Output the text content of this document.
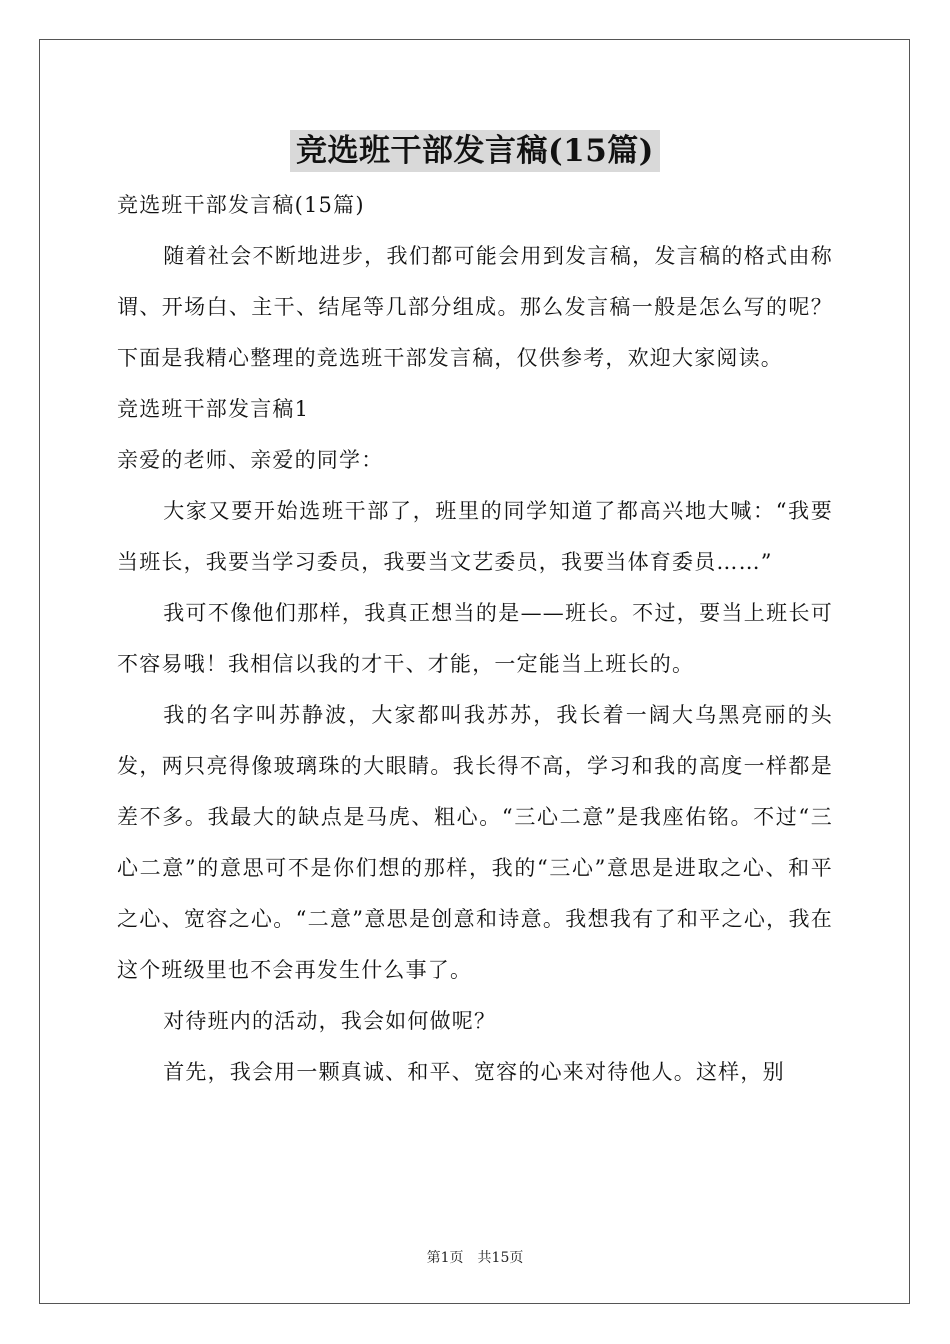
竞选班干部发言稿(15篇)

竞选班干部发言稿(15篇)

随着社会不断地进步，我们都可能会用到发言稿，发言稿的格式由称谓、开场白、主干、结尾等几部分组成。那么发言稿一般是怎么写的呢？下面是我精心整理的竞选班干部发言稿，仅供参考，欢迎大家阅读。

竞选班干部发言稿1

亲爱的老师、亲爱的同学：

大家又要开始选班干部了，班里的同学知道了都高兴地大喊：“我要当班长，我要当学习委员，我要当文艺委员，我要当体育委员……”

我可不像他们那样，我真正想当的是——班长。不过，要当上班长可不容易哦！我相信以我的才干、才能，一定能当上班长的。

我的名字叫苏静波，大家都叫我苏苏，我长着一阔大乌黑亮丽的头发，两只亮得像玻璃珠的大眼睛。我长得不高，学习和我的高度一样都是差不多。我最大的缺点是马虎、粗心。“三心二意”是我座佑铭。不过“三心二意”的意思可不是你们想的那样，我的“三心”意思是进取之心、和平之心、宽容之心。“二意”意思是创意和诗意。我想我有了和平之心，我在这个班级里也不会再发生什么事了。

对待班内的活动，我会如何做呢？

首先，我会用一颗真诚、和平、宽容的心来对待他人。这样，别

第1页　共15页
